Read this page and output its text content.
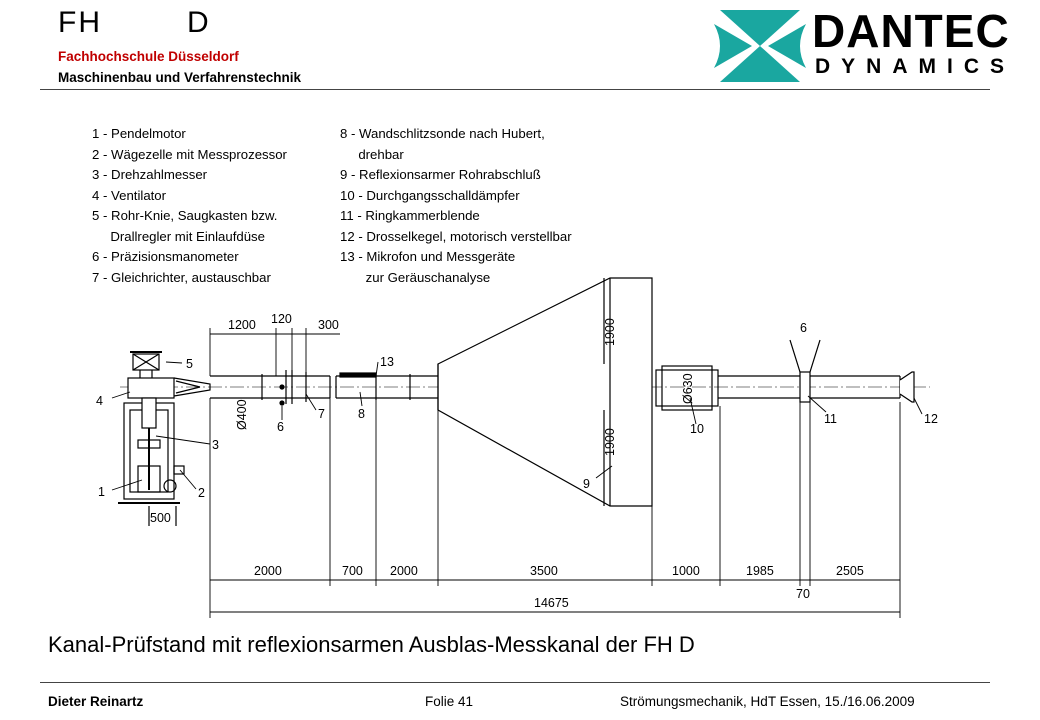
FH   D
Fachhochschule Düsseldorf
Maschinenbau und Verfahrenstechnik
DANTEC
DYNAMICS
1 - Pendelmotor
2 - Wägezelle mit Messprozessor
3 - Drehzahlmesser
4 - Ventilator
5 - Rohr-Knie, Saugkasten bzw.
Drallregler mit Einlaufdüse
6 - Präzisionsmanometer
7 - Gleichrichter, austauschbar
8 - Wandschlitzsonde nach Hubert,
drehbar
9 - Reflexionsarmer Rohrabschluß
10 - Durchgangsschalldämpfer
11 - Ringkammerblende
12 - Drosselkegel, motorisch verstellbar
13 - Mikrofon und Messgeräte
zur Geräuschanalyse
1200 120 300
2000	700 2000	3500	1000	1985	2505
70
14675
500
1900
1900
Ø400
Ø630
4
5
1	2
3
6
7	8
13
9
10
6
11	12
Kanal-Prüfstand mit reflexionsarmen Ausblas-Messkanal der FH D
Dieter Reinartz	Folie 41	Strömungsmechanik, HdT Essen, 15./16.06.2009
